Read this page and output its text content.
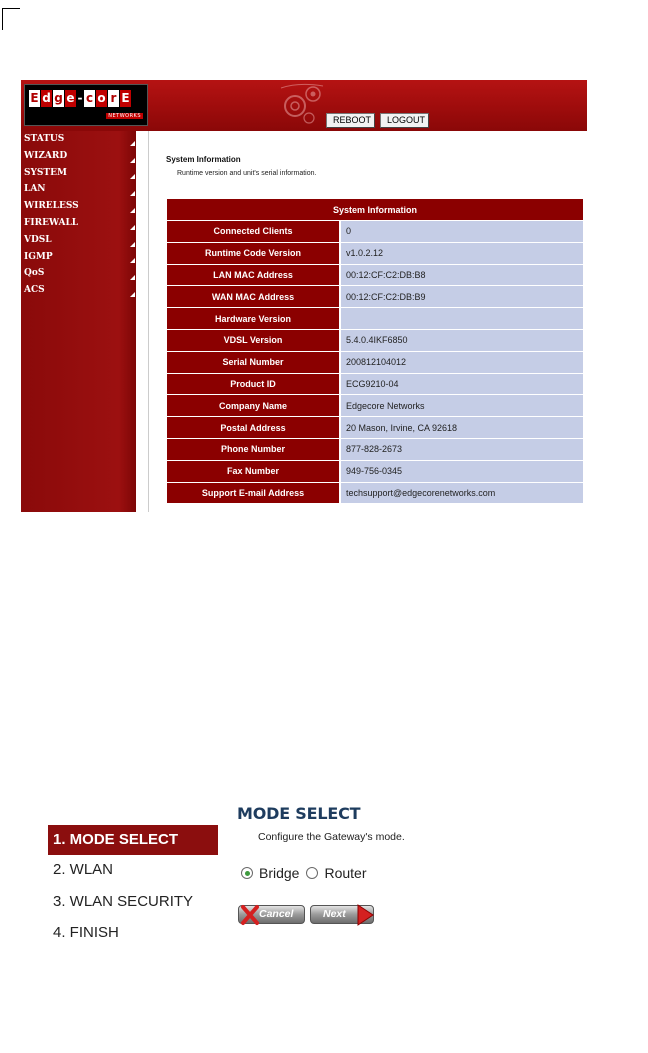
E d g e - c o r E
NETWORKS	REBOOT	LOGOUT
STATUS
WIZARD
SYSTEM
LAN
WIRELESS
FIREWALL
VDSL
IGMP
QoS
ACS
System Information
Runtime version and unit's serial information.
System Information	
Connected Clients	0
Runtime Code Version	v1.0.2.12
LAN MAC Address	00:12:CF:C2:DB:B8
WAN MAC Address	00:12:CF:C2:DB:B9
Hardware Version	
VDSL Version	5.4.0.4IKF6850
Serial Number	200812104012
Product ID	ECG9210-04
Company Name	Edgecore Networks
Postal Address	20 Mason, Irvine, CA 92618
Phone Number	877-828-2673
Fax Number	949-756-0345
Support E-mail Address	techsupport@edgecorenetworks.com
MODE SELECT
1. MODE SELECT
2. WLAN
3. WLAN SECURITY
4. FINISH
Configure the Gateway's mode.
Bridge Router
Cancel	Next
